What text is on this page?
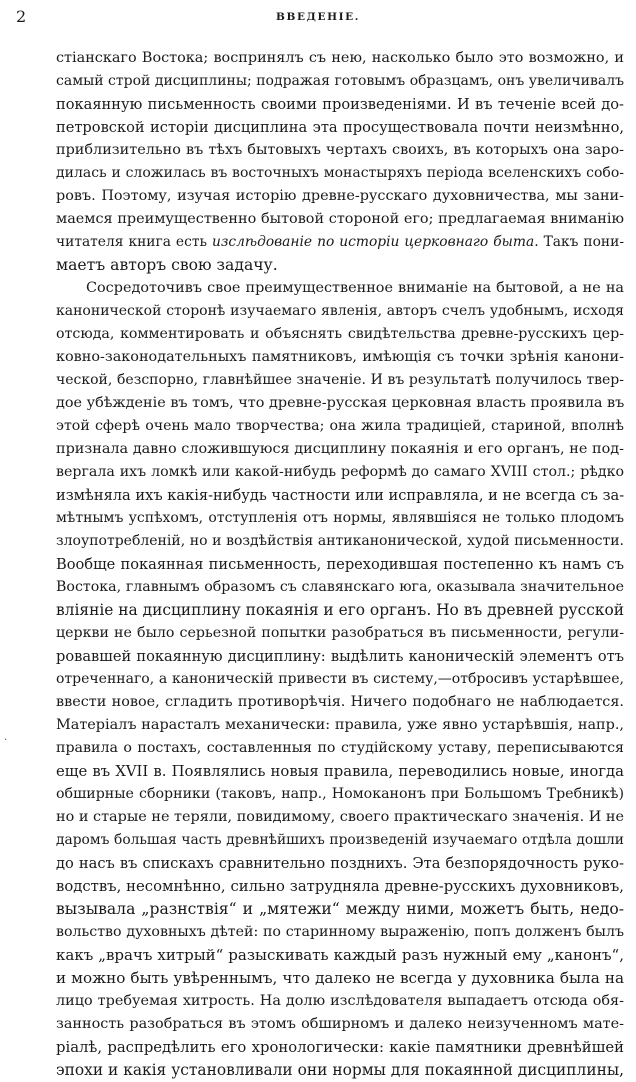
2	ВВЕДЕНІЕ.
·
стіанскаго Востока; воспринялъ съ нею, насколько было это возможно, и
самый строй дисциплины; подражая готовымъ образцамъ, онъ увеличивалъ
покаянную письменность своими произведеніями. И въ теченіе всей до-
петровской исторіи дисциплина эта просуществовала почти неизмѣнно,
приблизительно въ тѣхъ бытовыхъ чертахъ своихъ, въ которыхъ она заро-
дилась и сложилась въ восточныхъ монастыряхъ періода вселенскихъ собо-
ровъ. Поэтому, изучая исторію древне-русскаго духовничества, мы зани-
маемся преимущественно бытовой стороной его; предлагаемая вниманію
читателя книга есть изслѣдованіе по исторіи церковнаго быта. Такъ пони-
маетъ авторъ свою задачу.
Сосредоточивъ свое преимущественное вниманіе на бытовой, а не на
канонической сторонѣ изучаемаго явленія, авторъ счелъ удобнымъ, исходя
отсюда, комментировать и объяснять свидѣтельства древне-русскихъ цер-
ковно-законодательныхъ памятниковъ, имѣющія съ точки зрѣнія канони-
ческой, безспорно, главнѣйшее значеніе. И въ результатѣ получилось твер-
дое убѣжденіе въ томъ, что древне-русская церковная власть проявила въ
этой сферѣ очень мало творчества; она жила традиціей, стариной, вполнѣ
признала давно сложившуюся дисциплину покаянія и его органъ, не под-
вергала ихъ ломкѣ или какой-нибудь реформѣ до самаго XVIII стол.; рѣдко
измѣняла ихъ какія-нибудь частности или исправляла, и не всегда съ за-
мѣтнымъ успѣхомъ, отступленія отъ нормы, являвшіяся не только плодомъ
злоупотребленій, но и воздѣйствія антиканонической, худой письменности.
Вообще покаянная письменность, переходившая постепенно къ намъ съ
Востока, главнымъ образомъ съ славянскаго юга, оказывала значительное
вліяніе на дисциплину покаянія и его органъ. Но въ древней русской
церкви не было серьезной попытки разобраться въ письменности, регули-
ровавшей покаянную дисциплину: выдѣлить каноническій элементъ отъ
отреченнаго, а каноническій привести въ систему,—отбросивъ устарѣвшее,
ввести новое, сгладить противорѣчія. Ничего подобнаго не наблюдается.
Матеріалъ нарасталъ механически: правила, уже явно устарѣвшія, напр.,
правила о постахъ, составленныя по студійскому уставу, переписываются
еще въ XVII в. Появлялись новыя правила, переводились новые, иногда
обширные сборники (таковъ, напр., Номоканонъ при Большомъ Требникѣ)
но и старые не теряли, повидимому, своего практическаго значенія. И не
даромъ большая часть древнѣйшихъ произведеній изучаемаго отдѣла дошли
до насъ въ спискахъ сравнительно позднихъ. Эта безпорядочность руко-
водствъ, несомнѣнно, сильно затрудняла древне-русскихъ духовниковъ,
вызывала „разнствія“ и „мятежи“ между ними, можетъ быть, недо-
вольство духовныхъ дѣтей: по старинному выраженію, попъ долженъ былъ
какъ „врачъ хитрый“ разыскивать каждый разъ нужный ему „канонъ“,
и можно быть увѣреннымъ, что далеко не всегда у духовника была на
лицо требуемая хитрость. На долю изслѣдователя выпадаетъ отсюда обя-
занность разобраться въ этомъ обширномъ и далеко неизученномъ мате-
ріалѣ, распредѣлить его хронологически: какіе памятники древнѣйшей
эпохи и какія установливали они нормы для покаянной дисциплины,
